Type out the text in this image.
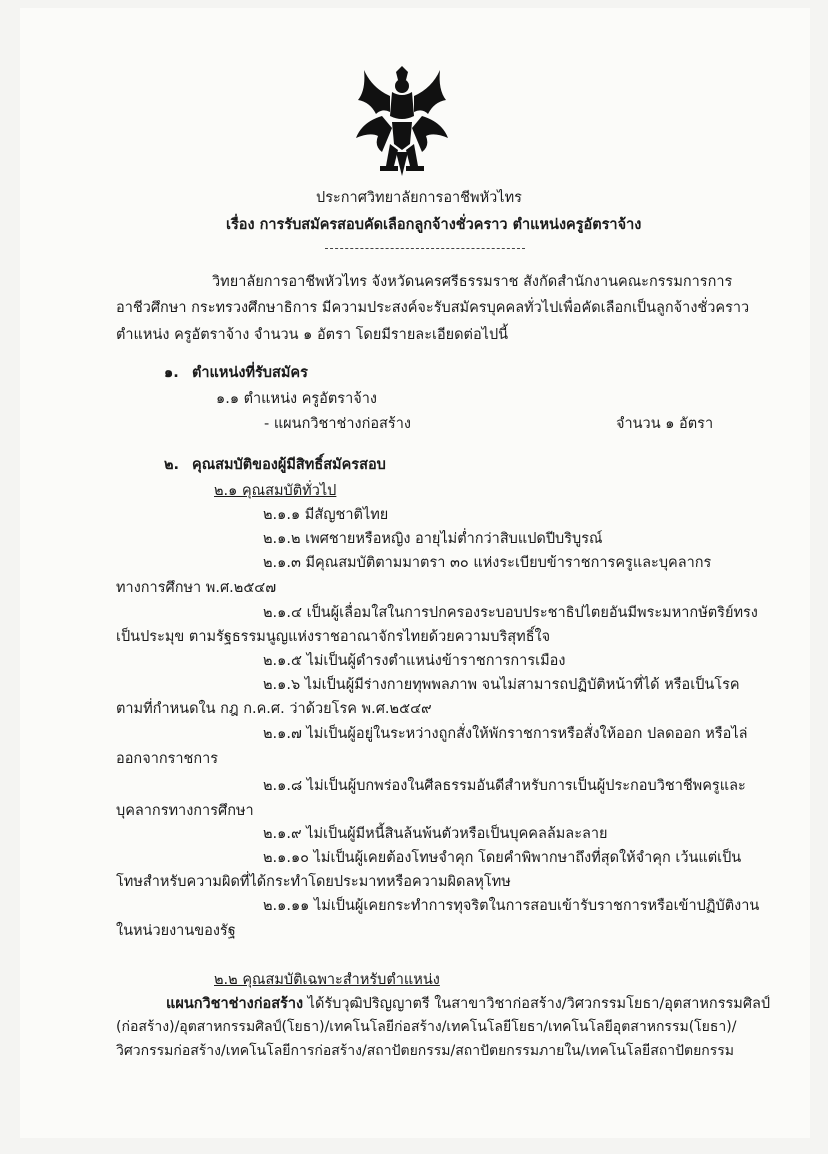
ประกาศวิทยาลัยการอาชีพหัวไทร
เรื่อง การรับสมัครสอบคัดเลือกลูกจ้างชั่วคราว ตำแหน่งครูอัตราจ้าง
วิทยาลัยการอาชีพหัวไทร จังหวัดนครศรีธรรมราช สังกัดสำนักงานคณะกรรมการการ
อาชีวศึกษา กระทรวงศึกษาธิการ มีความประสงค์จะรับสมัครบุคคลทั่วไปเพื่อคัดเลือกเป็นลูกจ้างชั่วคราว
ตำแหน่ง ครูอัตราจ้าง จำนวน ๑ อัตรา โดยมีรายละเอียดต่อไปนี้
๑. ตำแหน่งที่รับสมัคร
๑.๑ ตำแหน่ง ครูอัตราจ้าง
- แผนกวิชาช่างก่อสร้าง	จำนวน ๑ อัตรา
๒. คุณสมบัติของผู้มีสิทธิ์สมัครสอบ
๒.๑ คุณสมบัติทั่วไป
๒.๑.๑ มีสัญชาติไทย
๒.๑.๒ เพศชายหรือหญิง อายุไม่ต่ำกว่าสิบแปดปีบริบูรณ์
๒.๑.๓ มีคุณสมบัติตามมาตรา ๓๐ แห่งระเบียบข้าราชการครูและบุคลากร
ทางการศึกษา พ.ศ.๒๕๔๗
๒.๑.๔ เป็นผู้เลื่อมใสในการปกครองระบอบประชาธิปไตยอันมีพระมหากษัตริย์ทรง
เป็นประมุข ตามรัฐธรรมนูญแห่งราชอาณาจักรไทยด้วยความบริสุทธิ์ใจ
๒.๑.๕ ไม่เป็นผู้ดำรงตำแหน่งข้าราชการการเมือง
๒.๑.๖ ไม่เป็นผู้มีร่างกายทุพพลภาพ จนไม่สามารถปฏิบัติหน้าที่ได้ หรือเป็นโรค
ตามที่กำหนดใน กฎ ก.ค.ศ. ว่าด้วยโรค พ.ศ.๒๕๔๙
๒.๑.๗ ไม่เป็นผู้อยู่ในระหว่างถูกสั่งให้พักราชการหรือสั่งให้ออก ปลดออก หรือไล่
ออกจากราชการ
๒.๑.๘ ไม่เป็นผู้บกพร่องในศีลธรรมอันดีสำหรับการเป็นผู้ประกอบวิชาชีพครูและ
บุคลากรทางการศึกษา
๒.๑.๙ ไม่เป็นผู้มีหนี้สินล้นพ้นตัวหรือเป็นบุคคลล้มละลาย
๒.๑.๑๐ ไม่เป็นผู้เคยต้องโทษจำคุก โดยคำพิพากษาถึงที่สุดให้จำคุก เว้นแต่เป็น
โทษสำหรับความผิดที่ได้กระทำโดยประมาทหรือความผิดลหุโทษ
๒.๑.๑๑ ไม่เป็นผู้เคยกระทำการทุจริตในการสอบเข้ารับราชการหรือเข้าปฏิบัติงาน
ในหน่วยงานของรัฐ
๒.๒ คุณสมบัติเฉพาะสำหรับตำแหน่ง
แผนกวิชาช่างก่อสร้าง ได้รับวุฒิปริญญาตรี ในสาขาวิชาก่อสร้าง/วิศวกรรมโยธา/อุตสาหกรรมศิลป์
(ก่อสร้าง)/อุตสาหกรรมศิลป์(โยธา)/เทคโนโลยีก่อสร้าง/เทคโนโลยีโยธา/เทคโนโลยีอุตสาหกรรม(โยธา)/
วิศวกรรมก่อสร้าง/เทคโนโลยีการก่อสร้าง/สถาปัตยกรรม/สถาปัตยกรรมภายใน/เทคโนโลยีสถาปัตยกรรม
